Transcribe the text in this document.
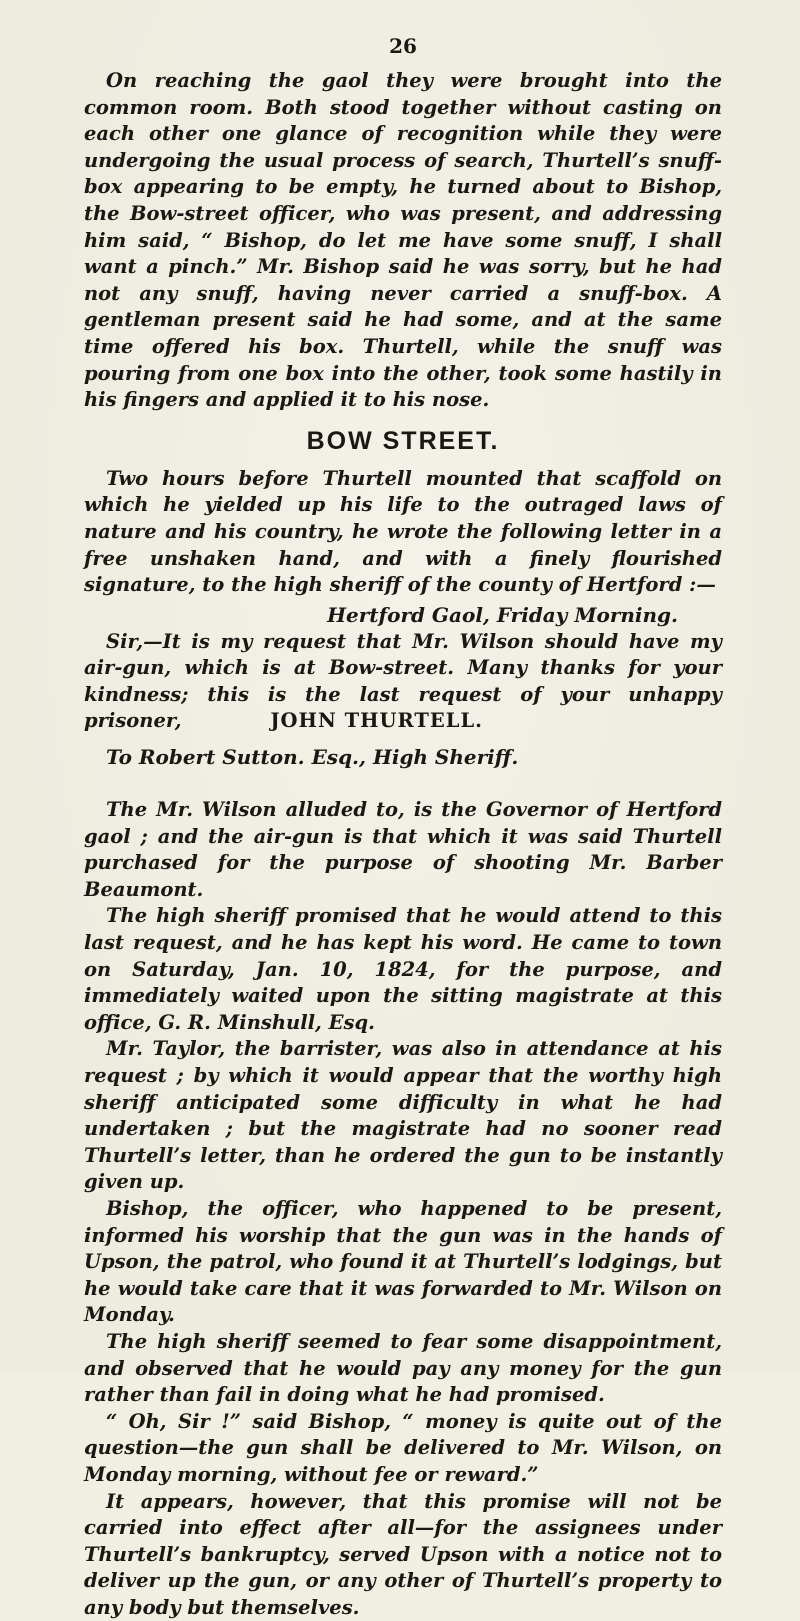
26

On reaching the gaol they were brought into the common room. Both stood together without casting on each other one glance of recognition while they were undergoing the usual process of search, Thurtell’s snuff-box appearing to be empty, he turned about to Bishop, the Bow-street officer, who was present, and addressing him said, “ Bishop, do let me have some snuff, I shall want a pinch.” Mr. Bishop said he was sorry, but he had not any snuff, having never carried a snuff-box. A gentleman present said he had some, and at the same time offered his box. Thurtell, while the snuff was pouring from one box into the other, took some hastily in his fingers and applied it to his nose.

BOW STREET.

Two hours before Thurtell mounted that scaffold on which he yielded up his life to the outraged laws of nature and his country, he wrote the following letter in a free unshaken hand, and with a finely flourished signature, to the high sheriff of the county of Hertford :—

Hertford Gaol, Friday Morning.

Sir,—It is my request that Mr. Wilson should have my air-gun, which is at Bow-street. Many thanks for your kindness; this is the last request of your unhappy prisoner,	JOHN THURTELL.

To Robert Sutton. Esq., High Sheriff.

The Mr. Wilson alluded to, is the Governor of Hertford gaol ; and the air-gun is that which it was said Thurtell purchased for the purpose of shooting Mr. Barber Beaumont.

The high sheriff promised that he would attend to this last request, and he has kept his word. He came to town on Saturday, Jan. 10, 1824, for the purpose, and immediately waited upon the sitting magistrate at this office, G. R. Minshull, Esq.

Mr. Taylor, the barrister, was also in attendance at his request ; by which it would appear that the worthy high sheriff anticipated some difficulty in what he had undertaken ; but the magistrate had no sooner read Thurtell’s letter, than he ordered the gun to be instantly given up.

Bishop, the officer, who happened to be present, informed his worship that the gun was in the hands of Upson, the patrol, who found it at Thurtell’s lodgings, but he would take care that it was forwarded to Mr. Wilson on Monday.

The high sheriff seemed to fear some disappointment, and observed that he would pay any money for the gun rather than fail in doing what he had promised.

“ Oh, Sir !” said Bishop, “ money is quite out of the question—the gun shall be delivered to Mr. Wilson, on Monday morning, without fee or reward.”

It appears, however, that this promise will not be carried into effect after all—for the assignees under Thurtell’s bankruptcy, served Upson with a notice not to deliver up the gun, or any other of Thurtell’s property to any body but themselves.
